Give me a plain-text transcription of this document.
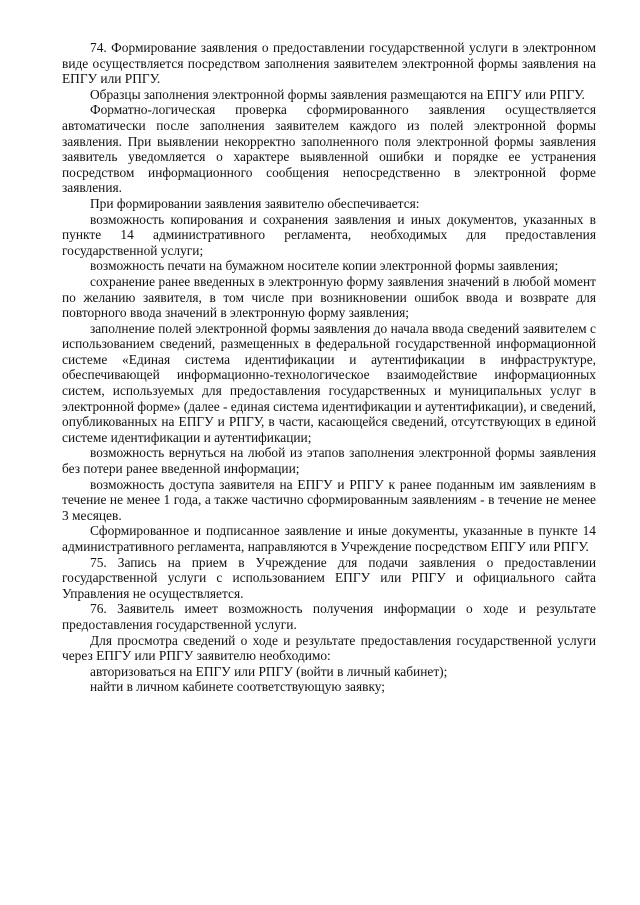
74. Формирование заявления о предоставлении государственной услуги в электронном виде осуществляется посредством заполнения заявителем электронной формы заявления на ЕПГУ или РПГУ.

Образцы заполнения электронной формы заявления размещаются на ЕПГУ или РПГУ.

Форматно-логическая проверка сформированного заявления осуществляется автоматически после заполнения заявителем каждого из полей электронной формы заявления. При выявлении некорректно заполненного поля электронной формы заявления заявитель уведомляется о характере выявленной ошибки и порядке ее устранения посредством информационного сообщения непосредственно в электронной форме заявления.

При формировании заявления заявителю обеспечивается:

возможность копирования и сохранения заявления и иных документов, указанных в пункте 14 административного регламента, необходимых для предоставления государственной услуги;

возможность печати на бумажном носителе копии электронной формы заявления;

сохранение ранее введенных в электронную форму заявления значений в любой момент по желанию заявителя, в том числе при возникновении ошибок ввода и возврате для повторного ввода значений в электронную форму заявления;

заполнение полей электронной формы заявления до начала ввода сведений заявителем с использованием сведений, размещенных в федеральной государственной информационной системе «Единая система идентификации и аутентификации в инфраструктуре, обеспечивающей информационно-технологическое взаимодействие информационных систем, используемых для предоставления государственных и муниципальных услуг в электронной форме» (далее - единая система идентификации и аутентификации), и сведений, опубликованных на ЕПГУ и РПГУ, в части, касающейся сведений, отсутствующих в единой системе идентификации и аутентификации;

возможность вернуться на любой из этапов заполнения электронной формы заявления без потери ранее введенной информации;

возможность доступа заявителя на ЕПГУ и РПГУ к ранее поданным им заявлениям в течение не менее 1 года, а также частично сформированным заявлениям - в течение не менее 3 месяцев.

Сформированное и подписанное заявление и иные документы, указанные в пункте 14 административного регламента, направляются в Учреждение посредством ЕПГУ или РПГУ.

75. Запись на прием в Учреждение для подачи заявления о предоставлении государственной услуги с использованием ЕПГУ или РПГУ и официального сайта Управления не осуществляется.

76. Заявитель имеет возможность получения информации о ходе и результате предоставления государственной услуги.

Для просмотра сведений о ходе и результате предоставления государственной услуги через ЕПГУ или РПГУ заявителю необходимо:

авторизоваться на ЕПГУ или РПГУ (войти в личный кабинет);

найти в личном кабинете соответствующую заявку;
